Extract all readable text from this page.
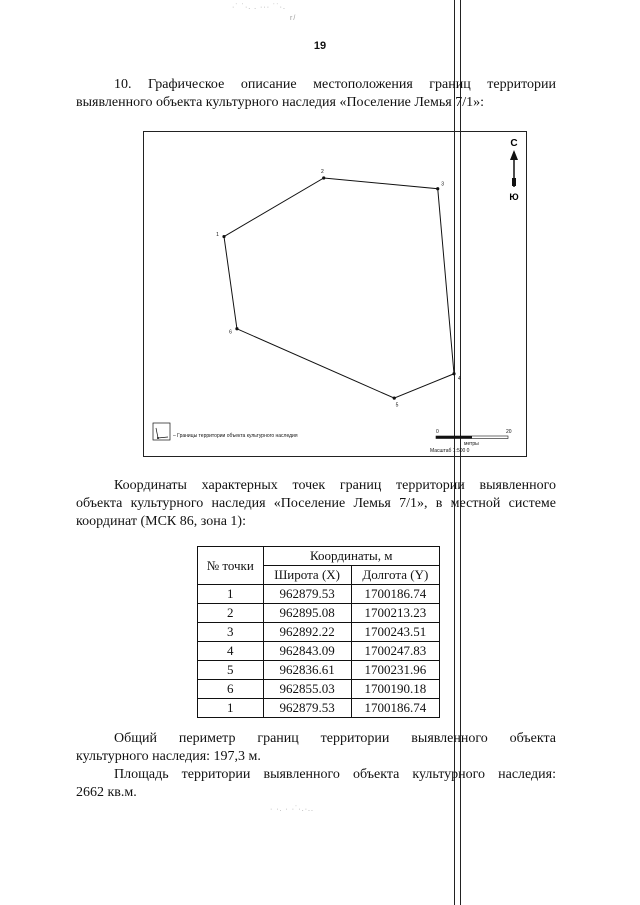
·˙ ˙·. . ··· ˙˙·.
r/
· ·. · ·˙·.·..
19
10. Графическое описание местоположения границ территории
выявленного объекта культурного наследия «Поселение Лемья 7/1»:
1
2
3
4
5
6
С
Ю
– Границы территории объекта культурного наследия
0	20
метры
Масштаб 1:500 0
Координаты характерных точек границ территории выявленного
объекта культурного наследия «Поселение Лемья 7/1», в местной системе
координат (МСК 86, зона 1):
№ точки	Координаты, м	
	Широта (X)	Долгота (Y)
1	962879.53	1700186.74
2	962895.08	1700213.23
3	962892.22	1700243.51
4	962843.09	1700247.83
5	962836.61	1700231.96
6	962855.03	1700190.18
1	962879.53	1700186.74
Общий периметр границ территории выявленного объекта
культурного наследия: 197,3 м.
Площадь территории выявленного объекта культурного наследия:
2662 кв.м.
